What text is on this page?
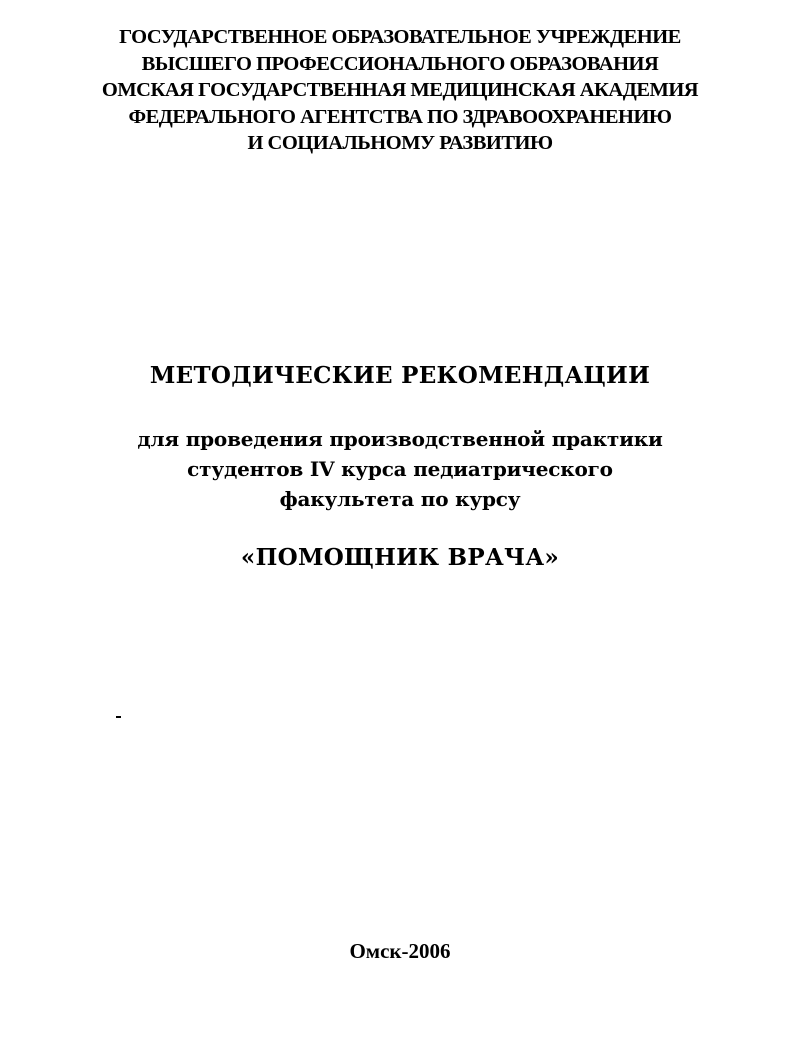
ГОСУДАРСТВЕННОЕ ОБРАЗОВАТЕЛЬНОЕ УЧРЕЖДЕНИЕ
ВЫСШЕГО ПРОФЕССИОНАЛЬНОГО ОБРАЗОВАНИЯ
ОМСКАЯ ГОСУДАРСТВЕННАЯ МЕДИЦИНСКАЯ АКАДЕМИЯ
ФЕДЕРАЛЬНОГО АГЕНТСТВА ПО ЗДРАВООХРАНЕНИЮ
И СОЦИАЛЬНОМУ РАЗВИТИЮ
МЕТОДИЧЕСКИЕ РЕКОМЕНДАЦИИ
для проведения производственной практики
студентов IV курса педиатрического
факультета по курсу
«ПОМОЩНИК ВРАЧА»
Омск-2006
